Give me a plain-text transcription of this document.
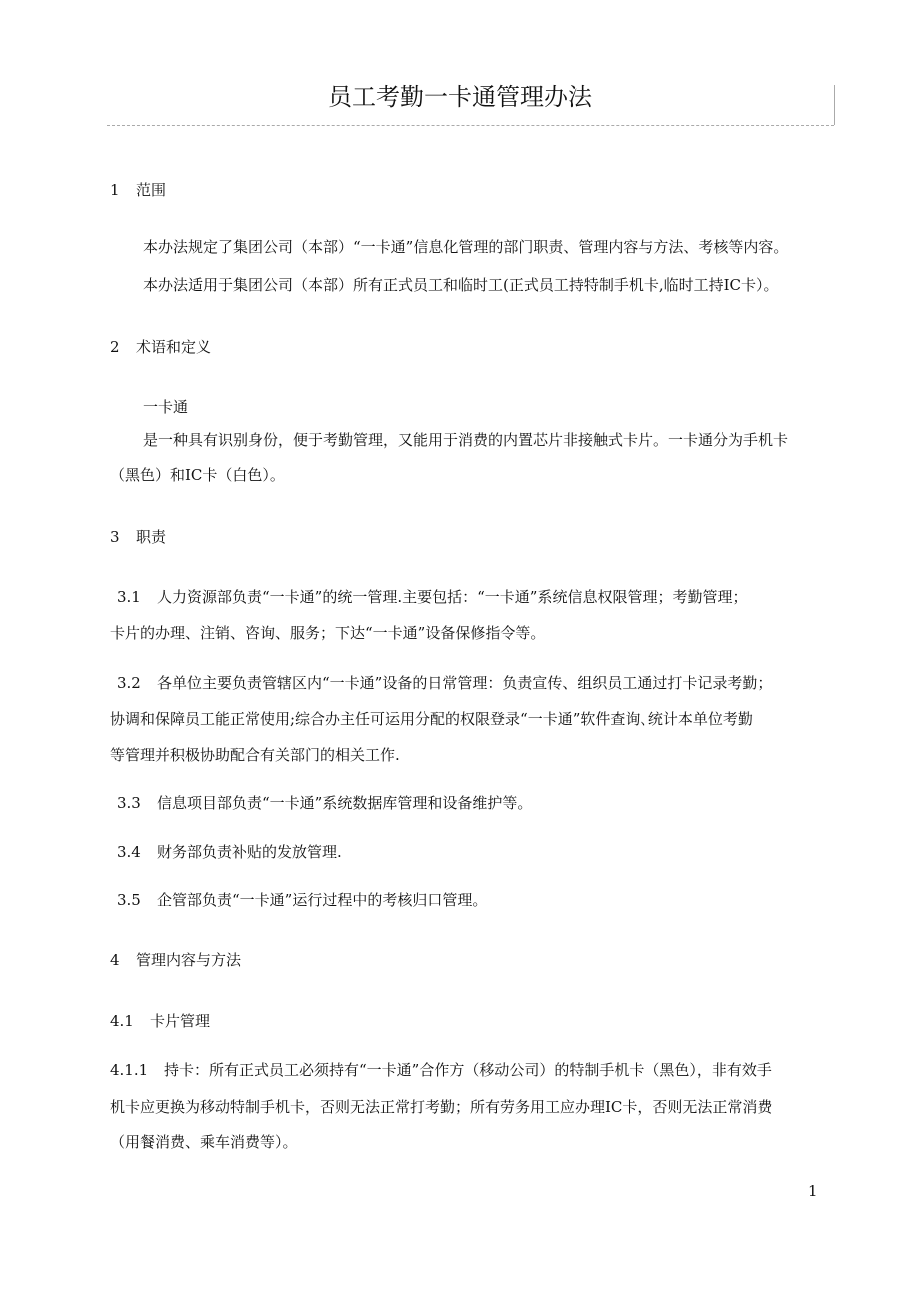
员工考勤一卡通管理办法
1 范围
本办法规定了集团公司（本部）“一卡通”信息化管理的部门职责、管理内容与方法、考核等内容。
本办法适用于集团公司（本部）所有正式员工和临时工(正式员工持特制手机卡,临时工持IC卡）。
2 术语和定义
一卡通
是一种具有识别身份，便于考勤管理，又能用于消费的内置芯片非接触式卡片。一卡通分为手机卡
（黑色）和IC卡（白色）。
3 职责
3.1 人力资源部负责“一卡通”的统一管理.主要包括：“一卡通”系统信息权限管理；考勤管理；
卡片的办理、注销、咨询、服务；下达“一卡通”设备保修指令等。
3.2 各单位主要负责管辖区内“一卡通”设备的日常管理：负责宣传、组织员工通过打卡记录考勤；
协调和保障员工能正常使用;综合办主任可运用分配的权限登录“一卡通”软件查询､统计本单位考勤
等管理并积极协助配合有关部门的相关工作.
3.3 信息项目部负责“一卡通”系统数据库管理和设备维护等。
3.4 财务部负责补贴的发放管理.
3.5 企管部负责“一卡通”运行过程中的考核归口管理。
4 管理内容与方法
4.1 卡片管理
4.1.1 持卡：所有正式员工必须持有“一卡通”合作方（移动公司）的特制手机卡（黑色），非有效手
机卡应更换为移动特制手机卡，否则无法正常打考勤；所有劳务用工应办理IC卡，否则无法正常消费
（用餐消费、乘车消费等）。
1
